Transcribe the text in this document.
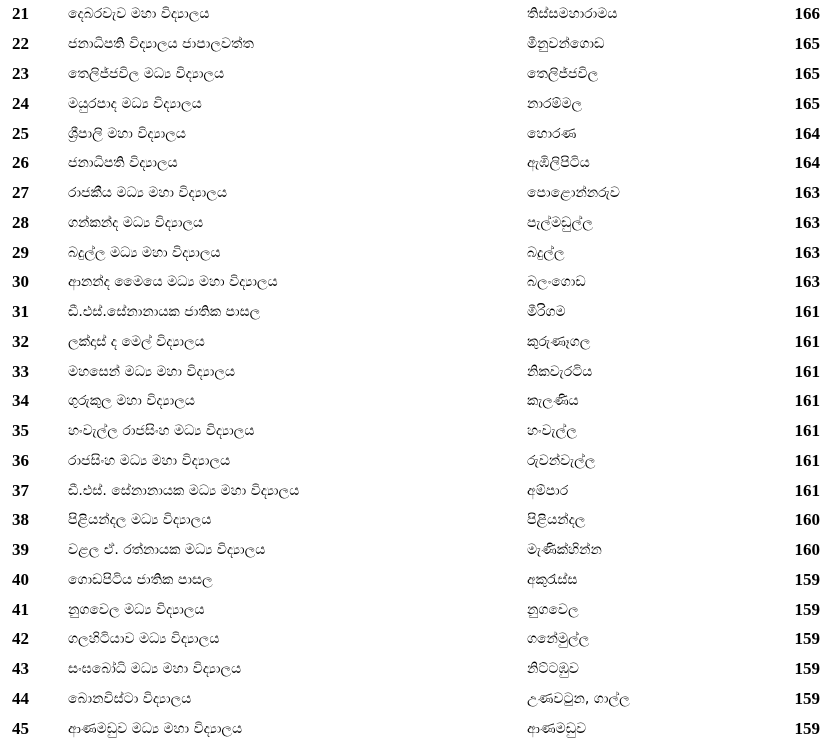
21	දෙබරවැව මහා විද්‍යාලය	තිස්සමහාරාමය	166
22	ජනාධිපති විද්‍යාලය ජාපාලවත්ත	මීනුවන්ගොඩ	165
23	තෙලිජ්ජවිල මධ්‍ය විද්‍යාලය	තෙලිජ්ජවිල	165
24	මයුරපාද මධ්‍ය විද්‍යාලය	නාරම්මල	165
25	ශ්‍රීපාලි මහා විද්‍යාලය	හොරණ	164
26	ජනාධිපති විද්‍යාලය	ඇඹිලිපිටිය	164
27	රාජකීය මධ්‍ය මහා විද්‍යාලය	පොළොන්නරුව	163
28	ගන්කන්ද මධ්‍ය විද්‍යාලය	පැල්මඩුල්ල	163
29	බදුල්ල මධ්‍ය මහා විද්‍යාලය	බදුල්ල	163
30	ආනන්ද මෛයෙ මධ්‍ය මහා විද්‍යාලය	බලංගොඩ	163
31	ඩී.එස්.සේනානායක ජාතික පාසල	මීරිගම	161
32	ලක්දාස් ද මෙල් විද්‍යාලය	කුරුණෑගල	161
33	මහසෙන් මධ්‍ය මහා විද්‍යාලය	නිකවැරටිය	161
34	ගුරුකුල මහා විද්‍යාලය	කැලණිය	161
35	හංවැල්ල රාජසිංහ මධ්‍ය විද්‍යාලය	හංවැල්ල	161
36	රාජසිංහ මධ්‍ය මහා විද්‍යාලය	රුවන්වැල්ල	161
37	ඩී.එස්. සේනානායක මධ්‍ය මහා විද්‍යාලය	අම්පාර	161
38	පිළියන්දල මධ්‍ය විද්‍යාලය	පිළියන්දල	160
39	වළල ඒ. රත්නායක මධ්‍ය විද්‍යාලය	මැණික්හින්න	160
40	ගොඩපිටිය ජාතික පාසල	අකුරැස්ස	159
41	නුගවෙල මධ්‍ය විද්‍යාලය	නුගවෙල	159
42	ගලහිටියාව මධ්‍ය විද්‍යාලය	ගනේමුල්ල	159
43	සංඝබෝධි මධ්‍ය මහා විද්‍යාලය	නිට්ටඹුව	159
44	බොනවිස්ටා විද්‍යාලය	උණවටුන, ගාල්ල	159
45	ආණමඩුව මධ්‍ය මහා විද්‍යාලය	ආණමඩුව	159
